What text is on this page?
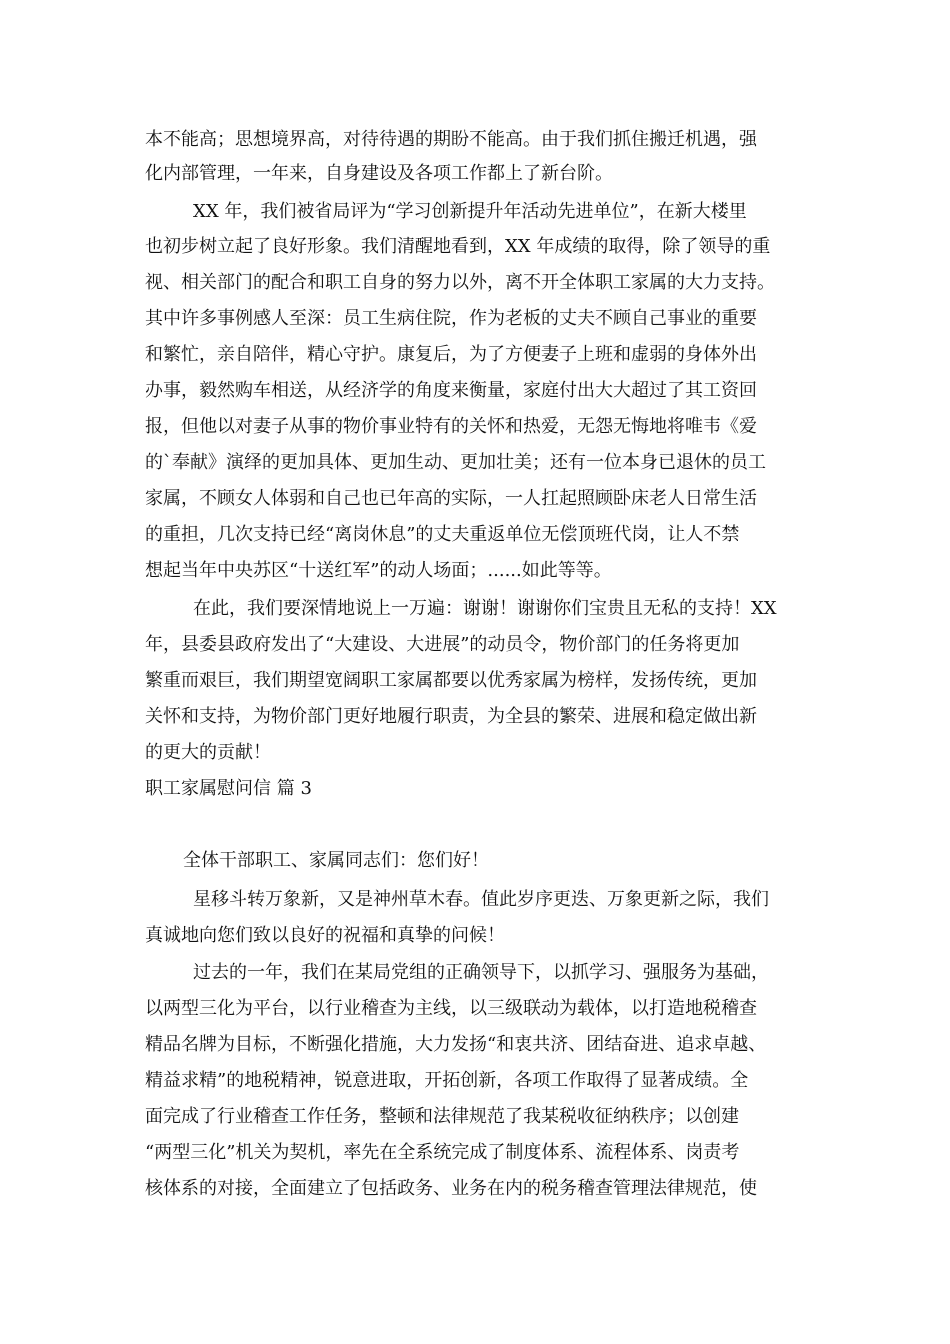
本不能高；思想境界高，对待待遇的期盼不能高。由于我们抓住搬迁机遇，强

化内部管理，一年来，自身建设及各项工作都上了新台阶。

XX 年，我们被省局评为“学习创新提升年活动先进单位”，在新大楼里

也初步树立起了良好形象。我们清醒地看到，XX 年成绩的取得，除了领导的重

视、相关部门的配合和职工自身的努力以外，离不开全体职工家属的大力支持。

其中许多事例感人至深：员工生病住院，作为老板的丈夫不顾自己事业的重要

和繁忙，亲自陪伴，精心守护。康复后，为了方便妻子上班和虚弱的身体外出

办事，毅然购车相送，从经济学的角度来衡量，家庭付出大大超过了其工资回

报，但他以对妻子从事的物价事业特有的关怀和热爱，无怨无悔地将唯韦《爱

的`奉献》演绎的更加具体、更加生动、更加壮美；还有一位本身已退休的员工

家属，不顾女人体弱和自己也已年高的实际，一人扛起照顾卧床老人日常生活

的重担，几次支持已经“离岗休息”的丈夫重返单位无偿顶班代岗，让人不禁

想起当年中央苏区“十送红军”的动人场面；......如此等等。

在此，我们要深情地说上一万遍：谢谢！谢谢你们宝贵且无私的支持！XX

年，县委县政府发出了“大建设、大进展”的动员令，物价部门的任务将更加

繁重而艰巨，我们期望宽阔职工家属都要以优秀家属为榜样，发扬传统，更加

关怀和支持，为物价部门更好地履行职责，为全县的繁荣、进展和稳定做出新

的更大的贡献！

职工家属慰问信 篇 3

全体干部职工、家属同志们：您们好！

星移斗转万象新，又是神州草木春。值此岁序更迭、万象更新之际，我们

真诚地向您们致以良好的祝福和真挚的问候！

过去的一年，我们在某局党组的正确领导下，以抓学习、强服务为基础，

以两型三化为平台，以行业稽查为主线，以三级联动为载体，以打造地税稽查

精品名牌为目标，不断强化措施，大力发扬“和衷共济、团结奋进、追求卓越、

精益求精”的地税精神，锐意进取，开拓创新，各项工作取得了显著成绩。全

面完成了行业稽查工作任务，整顿和法律规范了我某税收征纳秩序；以创建

“两型三化”机关为契机，率先在全系统完成了制度体系、流程体系、岗责考

核体系的对接，全面建立了包括政务、业务在内的税务稽查管理法律规范，使
